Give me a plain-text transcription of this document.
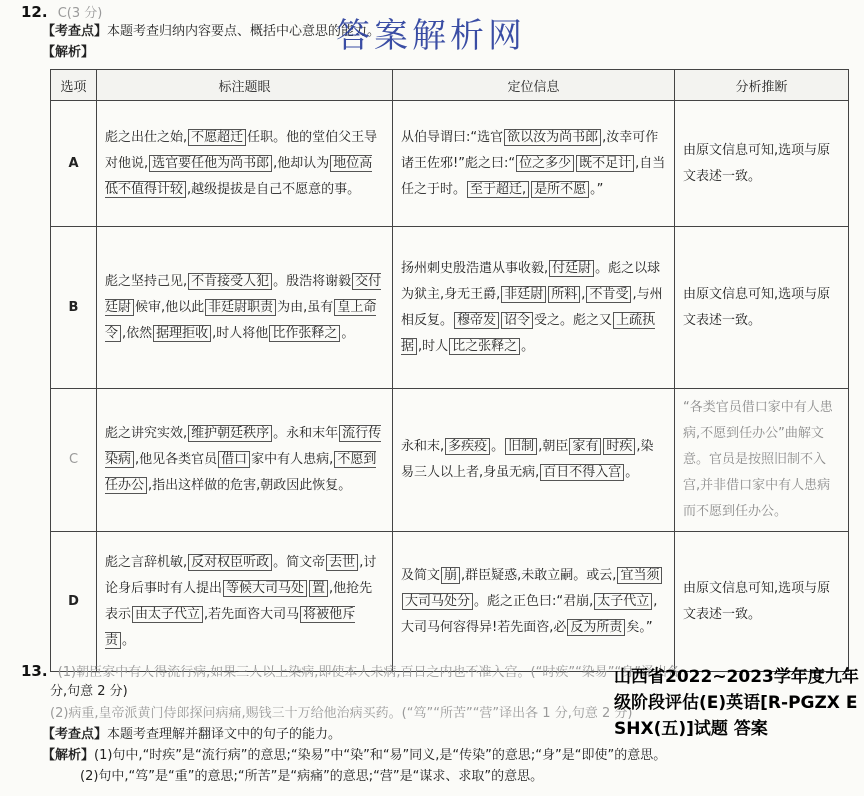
12. C(3 分)
【考查点】本题考查归纳内容要点、概括中心意思的能力。
【解析】	答案解析网
选项	标注题眼	定位信息	分析推断
A	彪之出仕之始, 不愿超迁 任职。他的堂伯父王导对他说, 选官要任他为尚书郎 ,他却认为 地位高低不值得计较 ,越级提拔是自己不愿意的事。	从伯导谓曰:“选官 欲以汝为尚书郎 ,汝幸可作诸王佐邪!”彪之曰:“ 位之多少 既不足计 ,自当任之于时。 至于超迁, 是所不愿 。”	由原文信息可知,选项与原文表述一致。
B	彪之坚持己见, 不肯接受人犯 。殷浩将谢毅 交付廷尉 候审,他以此 非廷尉职责 为由,虽有 皇上命令 ,依然 据理拒收 ,时人将他 比作张释之 。	扬州刺史殷浩遣从事收毅, 付廷尉 。彪之以球为狱主,身无王爵, 非廷尉 所料 , 不肯受 ,与州相反复。 穆帝发 诏令 受之。彪之又 上疏执据 ,时人 比之张释之 。	由原文信息可知,选项与原文表述一致。
C	彪之讲究实效, 维护朝廷秩序 。永和末年 流行传染病 ,他见各类官员 借口 家中有人患病, 不愿到任办公 ,指出这样做的危害,朝政因此恢复。	永和末, 多疾疫 。 旧制 ,朝臣 家有 时疾 ,染易三人以上者,身虽无病, 百日不得入宫 。	“各类官员借口家中有人患病,不愿到任办公”曲解文意。官员是按照旧制不入宫,并非借口家中有人患病而不愿到任办公。
D	彪之言辞机敏, 反对权臣听政 。简文帝 去世 ,讨论身后事时有人提出 等候大司马处 置 ,他抢先表示 由太子代立 ,若先面咨大司马 将被他斥责 。	及简文 崩 ,群臣疑惑,未敢立嗣。或云, 宜当须大司马处分 。彪之正色曰:“君崩, 太子代立 ,大司马何容得异!若先面咨,必 反为所责 矣。”	由原文信息可知,选项与原文表述一致。
13. (1)朝臣家中有人得流行病,如果三人以上染病,即使本人未病,百日之内也不准入宫。(“时疾”“染易”“身”译出各
分,句意 2 分)
(2)病重,皇帝派黄门侍郎探问病痛,赐钱三十万给他治病买药。(“笃”“所苦”“营”译出各 1 分,句意 2 分)
【考查点】本题考查理解并翻译文中的句子的能力。
【解析】(1)句中,“时疾”是“流行病”的意思;“染易”中“染”和“易”同义,是“传染”的意思;“身”是“即使”的意思。
(2)句中,“笃”是“重”的意思;“所苦”是“病痛”的意思;“营”是“谋求、求取”的意思。
山西省2022~2023学年度九年级阶段评估(E)英语[R-PGZX E SHX(五)]试题 答案
